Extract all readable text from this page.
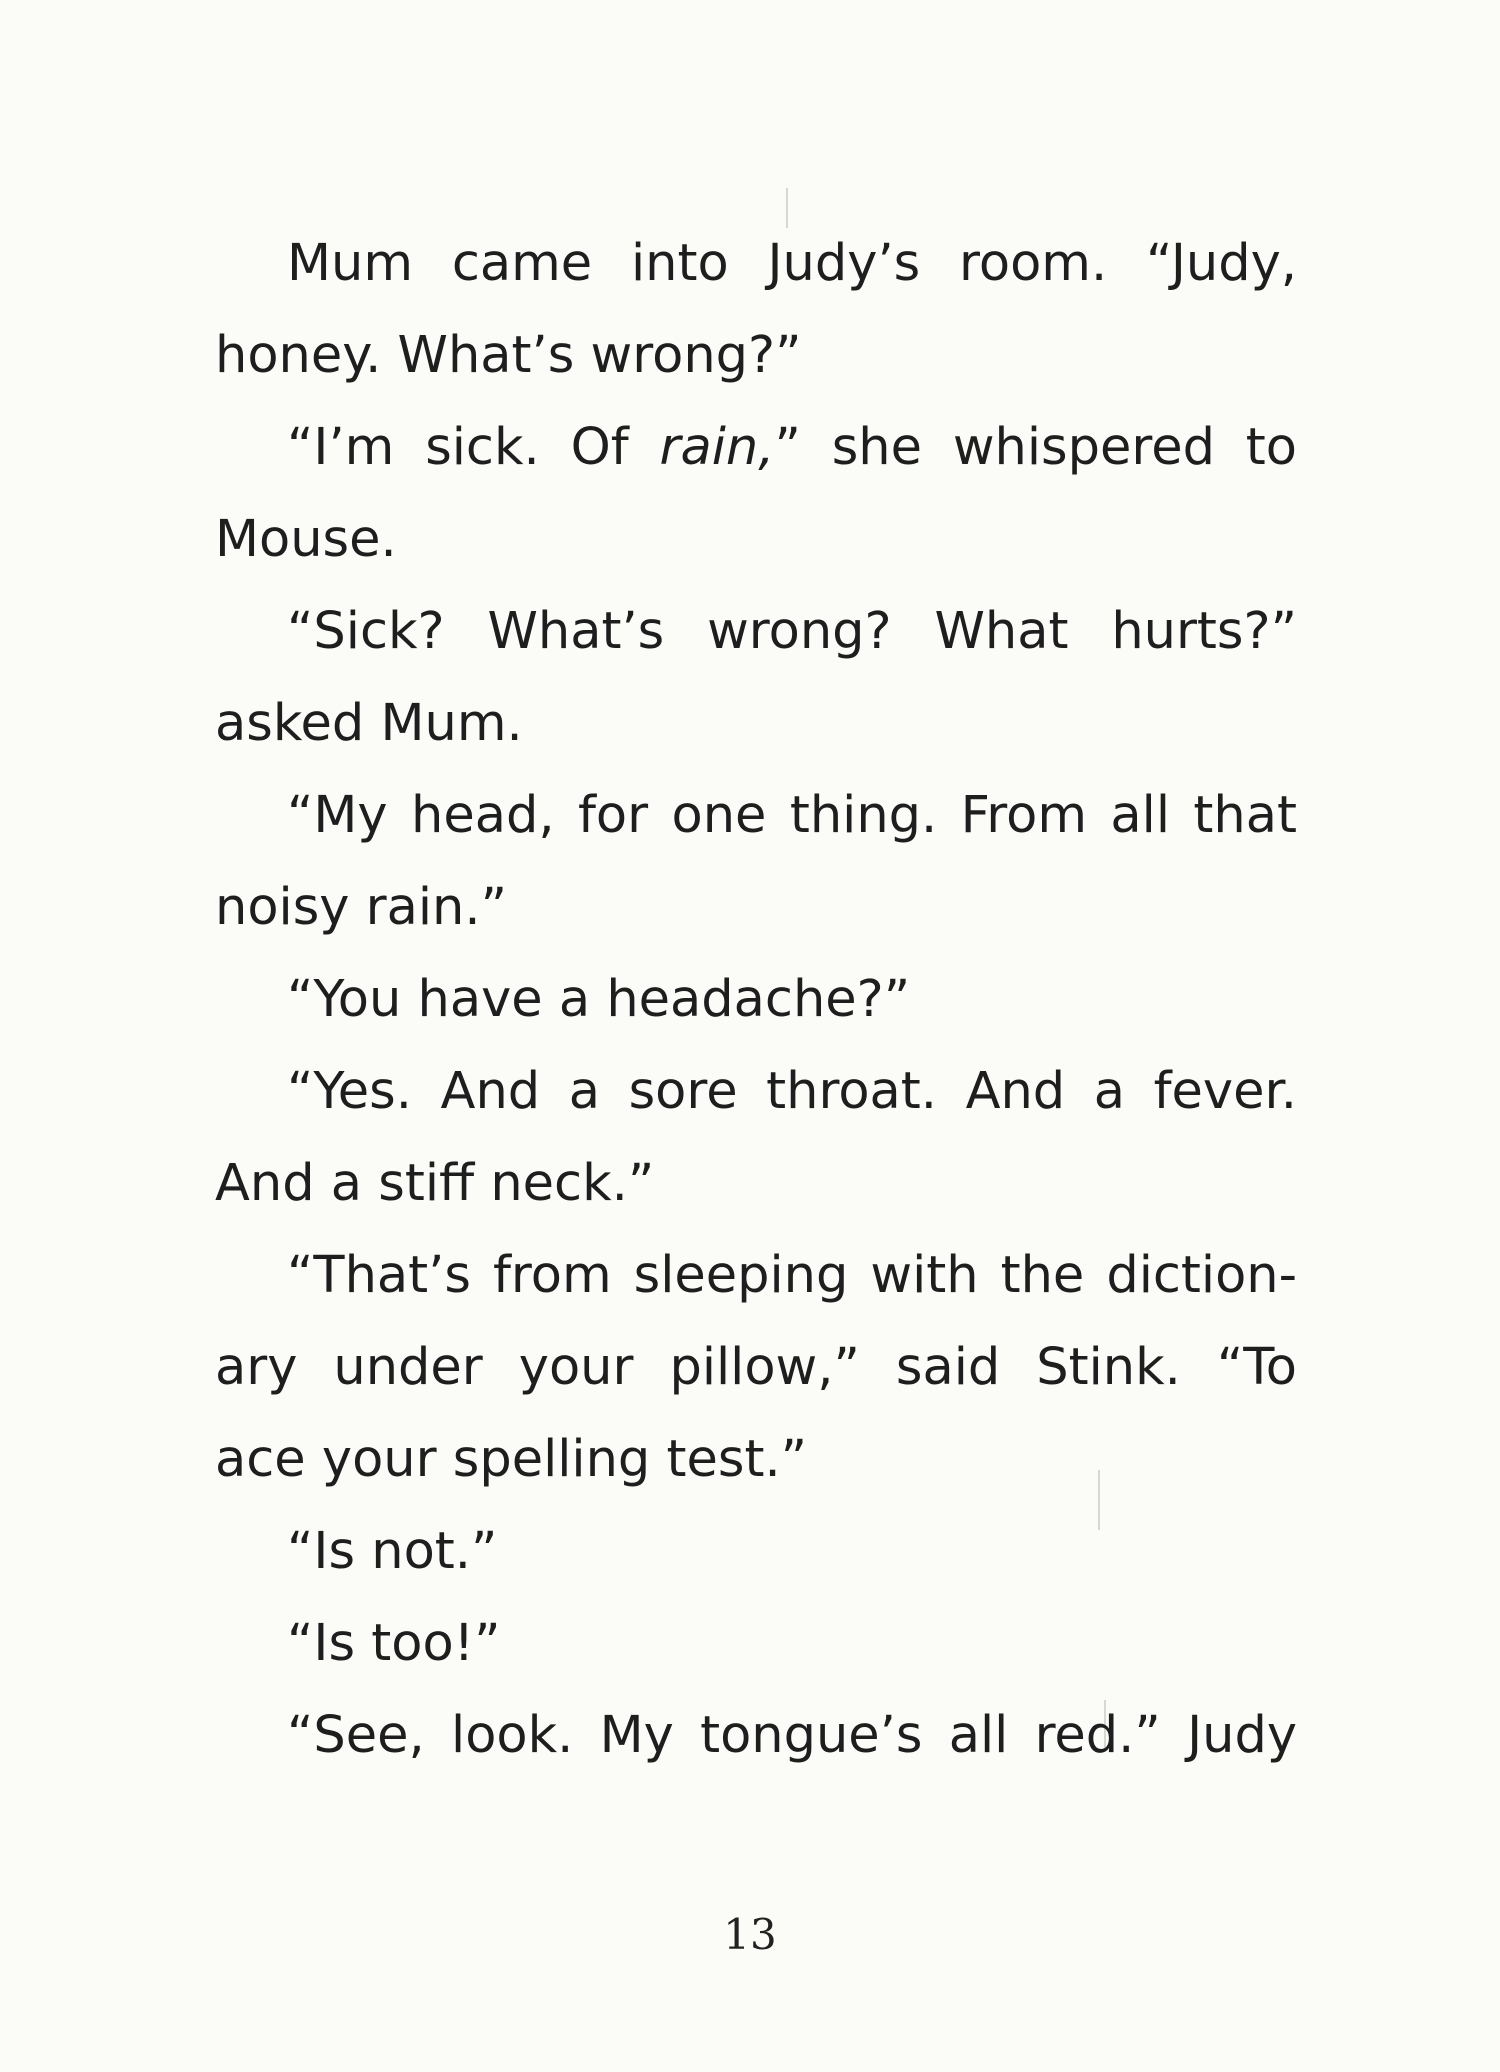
Mum came into Judy’s room. “Judy,
honey. What’s wrong?”
“I’m sick. Of rain,” she whispered to
Mouse.
“Sick? What’s wrong? What hurts?”
asked Mum.
“My head, for one thing. From all that
noisy rain.”
“You have a headache?”
“Yes. And a sore throat. And a fever.
And a stiff neck.”
“That’s from sleeping with the diction-
ary under your pillow,” said Stink. “To
ace your spelling test.”
“Is not.”
“Is too!”
“See, look. My tongue’s all red.” Judy
13
